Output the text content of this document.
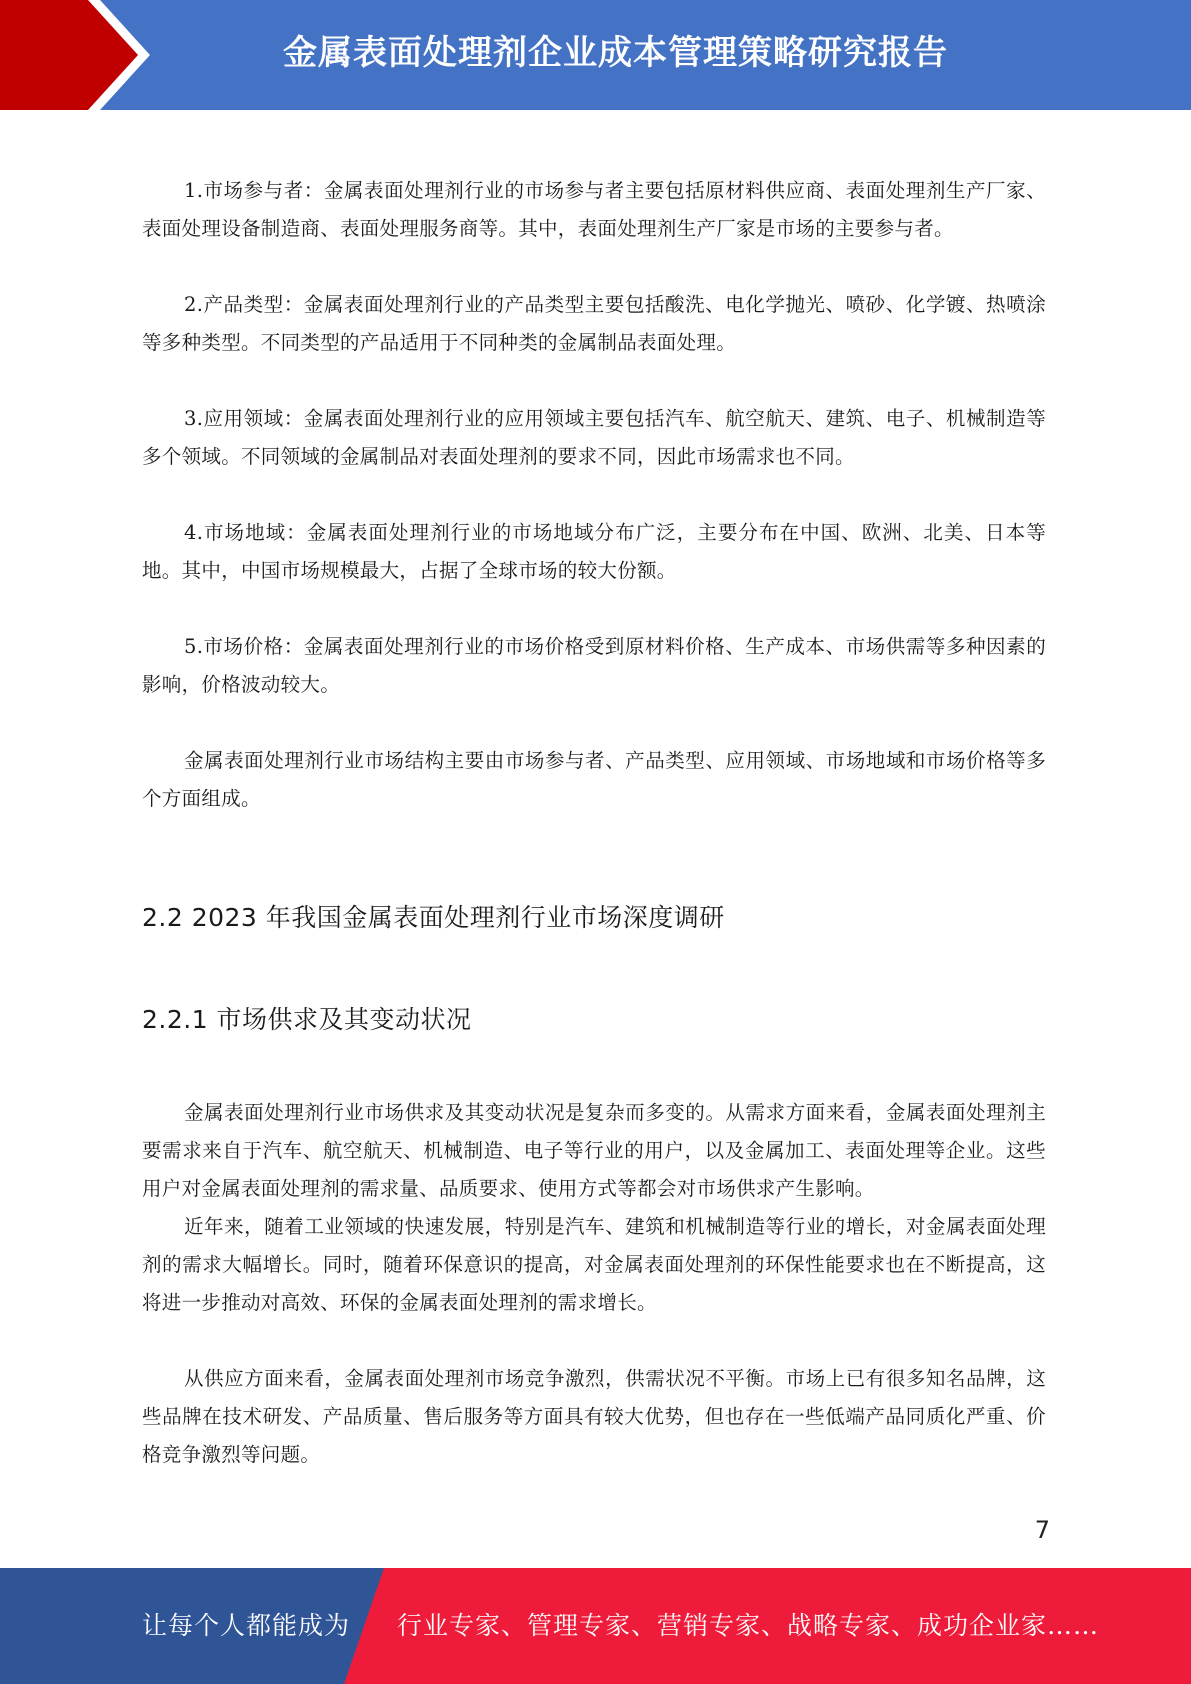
金属表面处理剂企业成本管理策略研究报告

1.市场参与者：金属表面处理剂行业的市场参与者主要包括原材料供应商、表面处理剂生产厂家、表面处理设备制造商、表面处理服务商等。其中，表面处理剂生产厂家是市场的主要参与者。

2.产品类型：金属表面处理剂行业的产品类型主要包括酸洗、电化学抛光、喷砂、化学镀、热喷涂等多种类型。不同类型的产品适用于不同种类的金属制品表面处理。

3.应用领域：金属表面处理剂行业的应用领域主要包括汽车、航空航天、建筑、电子、机械制造等多个领域。不同领域的金属制品对表面处理剂的要求不同，因此市场需求也不同。

4.市场地域：金属表面处理剂行业的市场地域分布广泛，主要分布在中国、欧洲、北美、日本等地。其中，中国市场规模最大，占据了全球市场的较大份额。

5.市场价格：金属表面处理剂行业的市场价格受到原材料价格、生产成本、市场供需等多种因素的影响，价格波动较大。

金属表面处理剂行业市场结构主要由市场参与者、产品类型、应用领域、市场地域和市场价格等多个方面组成。

2.2 2023 年我国金属表面处理剂行业市场深度调研
2.2.1 市场供求及其变动状况

金属表面处理剂行业市场供求及其变动状况是复杂而多变的。从需求方面来看，金属表面处理剂主要需求来自于汽车、航空航天、机械制造、电子等行业的用户，以及金属加工、表面处理等企业。这些用户对金属表面处理剂的需求量、品质要求、使用方式等都会对市场供求产生影响。

近年来，随着工业领域的快速发展，特别是汽车、建筑和机械制造等行业的增长，对金属表面处理剂的需求大幅增长。同时，随着环保意识的提高，对金属表面处理剂的环保性能要求也在不断提高，这将进一步推动对高效、环保的金属表面处理剂的需求增长。

从供应方面来看，金属表面处理剂市场竞争激烈，供需状况不平衡。市场上已有很多知名品牌，这些品牌在技术研发、产品质量、售后服务等方面具有较大优势，但也存在一些低端产品同质化严重、价格竞争激烈等问题。

7
让每个人都能成为 行业专家、管理专家、营销专家、战略专家、成功企业家……
